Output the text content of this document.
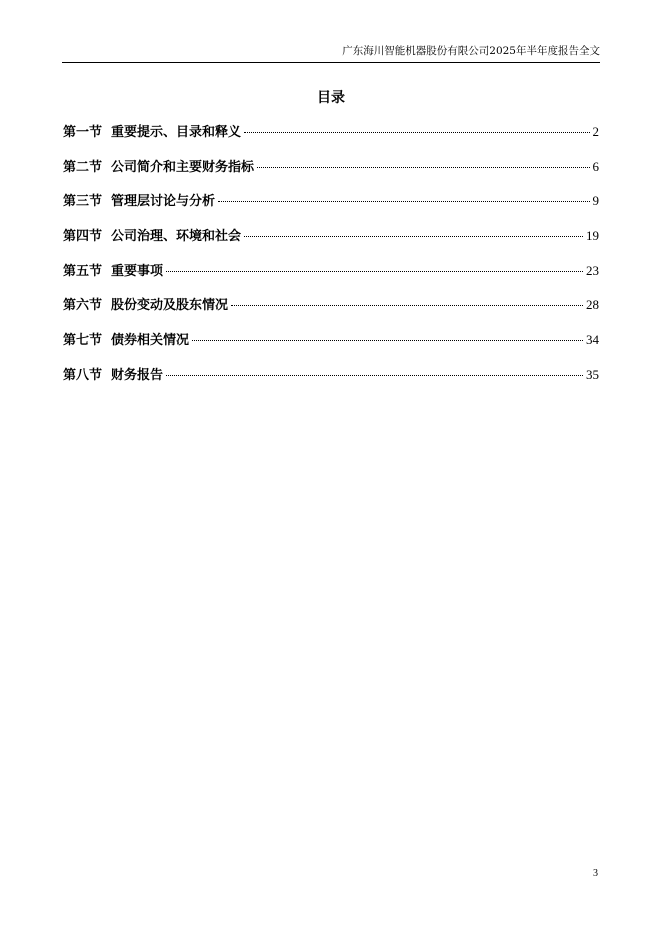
广东海川智能机器股份有限公司2025年半年度报告全文
目录
第一节 重要提示、目录和释义	2
第二节 公司简介和主要财务指标	6
第三节 管理层讨论与分析	9
第四节 公司治理、环境和社会	19
第五节 重要事项	23
第六节 股份变动及股东情况	28
第七节 债券相关情况	34
第八节 财务报告	35
3
